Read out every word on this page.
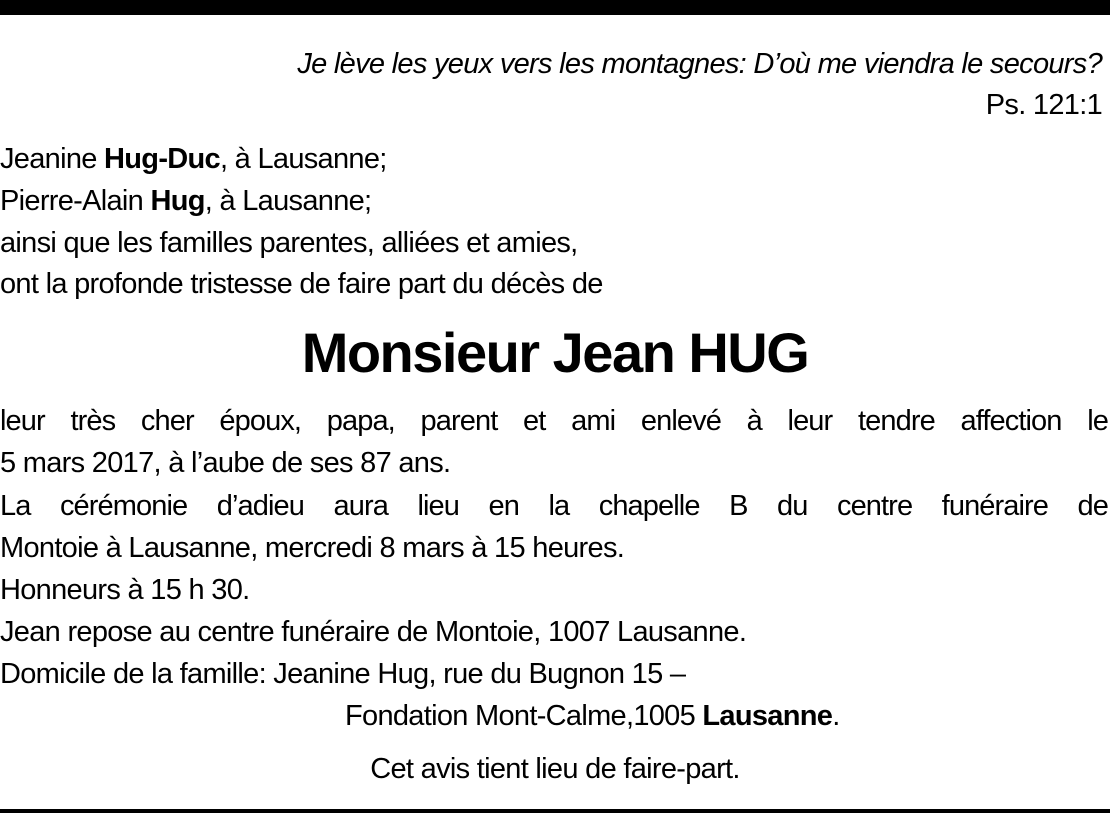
Je lève les yeux vers les montagnes: D’où me viendra le secours?
Ps. 121:1
Jeanine Hug-Duc, à Lausanne;
Pierre-Alain Hug, à Lausanne;
ainsi que les familles parentes, alliées et amies,
ont la profonde tristesse de faire part du décès de
Monsieur Jean HUG
leur très cher époux, papa, parent et ami enlevé à leur tendre affection le
5 mars 2017, à l’aube de ses 87 ans.
La cérémonie d’adieu aura lieu en la chapelle B du centre funéraire de
Montoie à Lausanne, mercredi 8 mars à 15 heures.
Honneurs à 15 h 30.
Jean repose au centre funéraire de Montoie, 1007 Lausanne.
Domicile de la famille: Jeanine Hug, rue du Bugnon 15 –
Fondation Mont-Calme,1005 Lausanne.
Cet avis tient lieu de faire-part.
